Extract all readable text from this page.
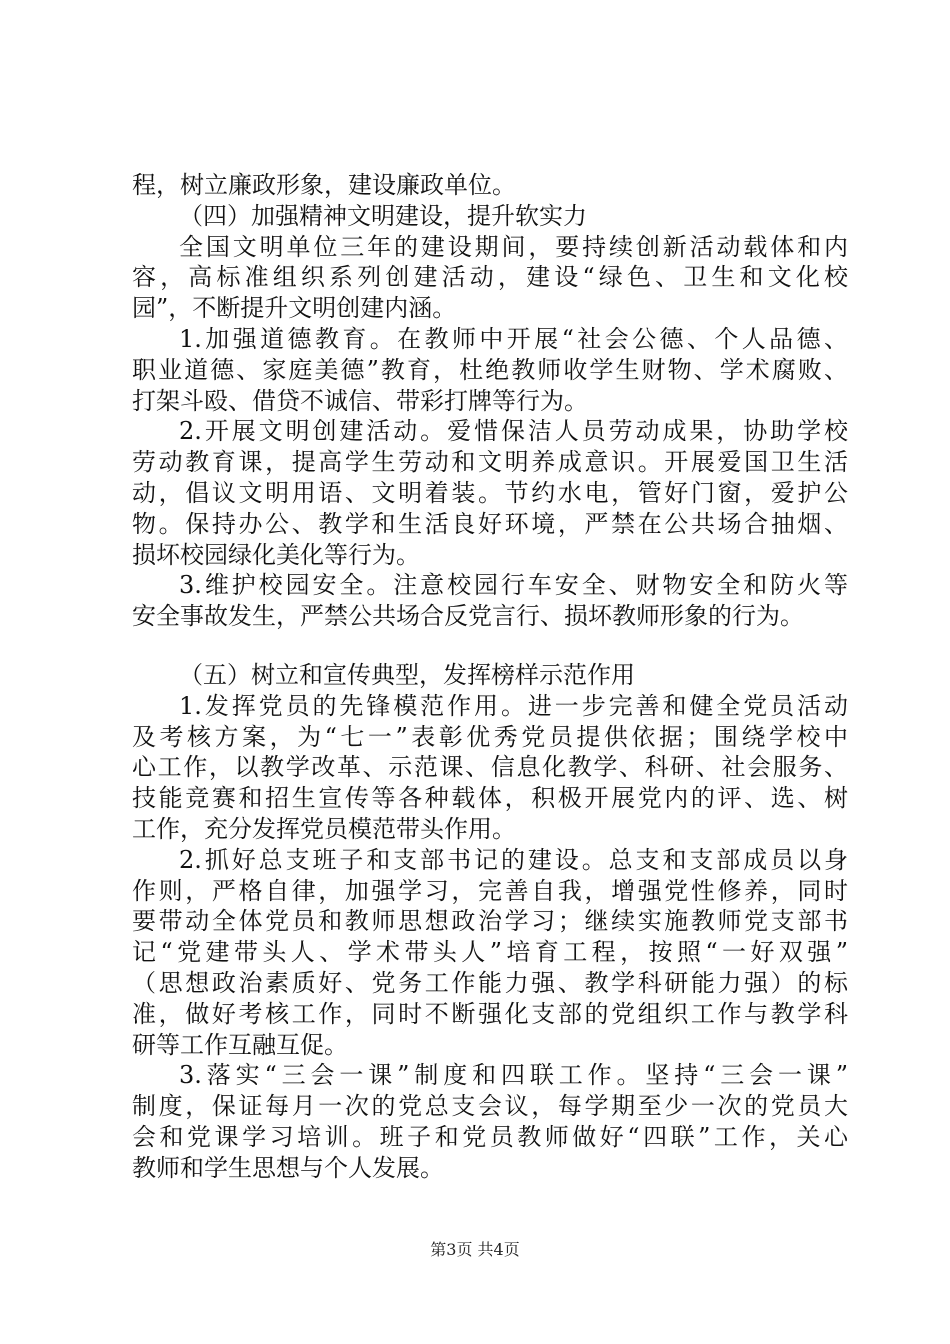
程，树立廉政形象，建设廉政单位。
（四）加强精神文明建设，提升软实力
全国文明单位三年的建设期间，要持续创新活动载体和内
容，高标准组织系列创建活动，建设“绿色、卫生和文化校
园”，不断提升文明创建内涵。
1.加强道德教育。在教师中开展“社会公德、个人品德、
职业道德、家庭美德”教育，杜绝教师收学生财物、学术腐败、
打架斗殴、借贷不诚信、带彩打牌等行为。
2.开展文明创建活动。爱惜保洁人员劳动成果，协助学校
劳动教育课，提高学生劳动和文明养成意识。开展爱国卫生活
动，倡议文明用语、文明着装。节约水电，管好门窗，爱护公
物。保持办公、教学和生活良好环境，严禁在公共场合抽烟、
损坏校园绿化美化等行为。
3.维护校园安全。注意校园行车安全、财物安全和防火等
安全事故发生，严禁公共场合反党言行、损坏教师形象的行为。
（五）树立和宣传典型，发挥榜样示范作用
1.发挥党员的先锋模范作用。进一步完善和健全党员活动
及考核方案，为“七一”表彰优秀党员提供依据；围绕学校中
心工作，以教学改革、示范课、信息化教学、科研、社会服务、
技能竞赛和招生宣传等各种载体，积极开展党内的评、选、树
工作，充分发挥党员模范带头作用。
2.抓好总支班子和支部书记的建设。总支和支部成员以身
作则，严格自律，加强学习，完善自我，增强党性修养，同时
要带动全体党员和教师思想政治学习；继续实施教师党支部书
记“党建带头人、学术带头人”培育工程，按照“一好双强”
（思想政治素质好、党务工作能力强、教学科研能力强）的标
准，做好考核工作，同时不断强化支部的党组织工作与教学科
研等工作互融互促。
3.落实“三会一课”制度和四联工作。坚持“三会一课”
制度，保证每月一次的党总支会议，每学期至少一次的党员大
会和党课学习培训。班子和党员教师做好“四联”工作，关心
教师和学生思想与个人发展。
第3页 共4页
